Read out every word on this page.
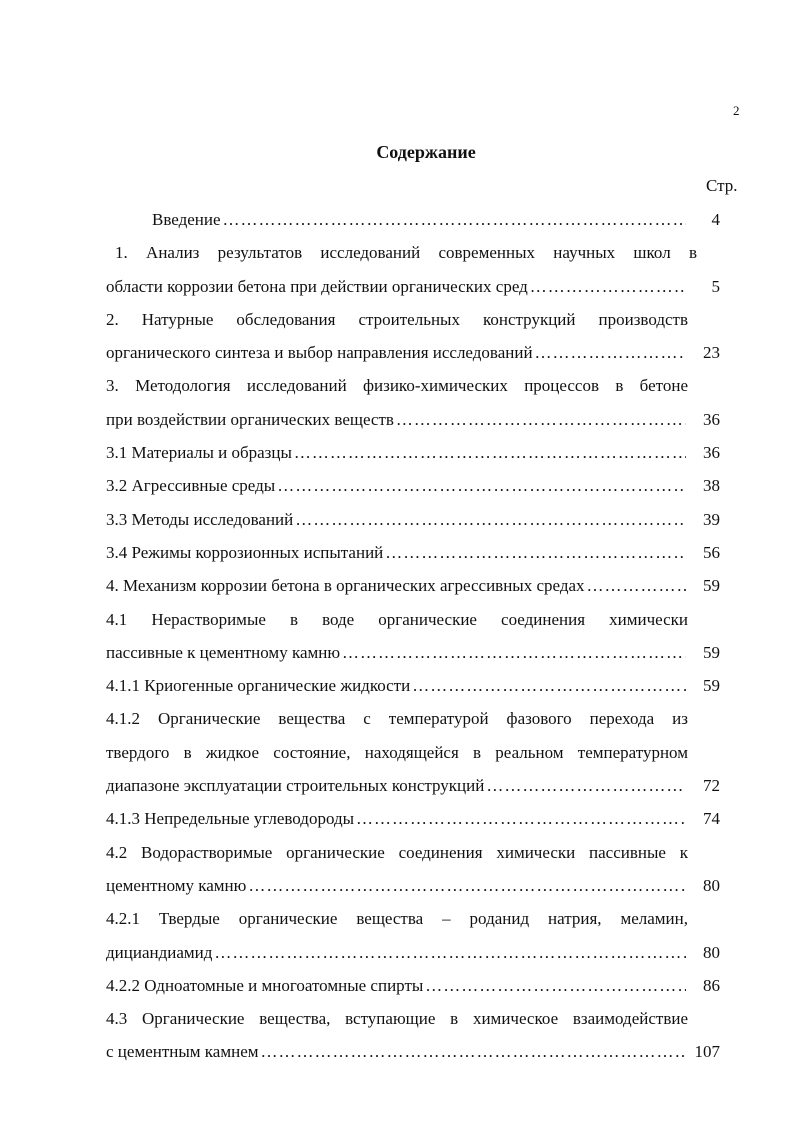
2
Содержание
Стр.
Введение ……………………………………………………………………………………………………………………………………	4
1. Анализ результатов исследований современных научных школ в
области коррозии бетона при действии органических сред ……………………………………………………………………………………………………………………………………	5
2. Натурные обследования строительных конструкций производств
органического синтеза и выбор направления исследований ……………………………………………………………………………………………………………………………………	23
3. Методология исследований физико-химических процессов в бетоне
при воздействии органических веществ ……………………………………………………………………………………………………………………………………	36
3.1 Материалы и образцы ……………………………………………………………………………………………………………………………………	36
3.2 Агрессивные среды ……………………………………………………………………………………………………………………………………	38
3.3 Методы исследований ……………………………………………………………………………………………………………………………………	39
3.4 Режимы коррозионных испытаний ……………………………………………………………………………………………………………………………………	56
4. Механизм коррозии бетона в органических агрессивных средах ……………………………………………………………………………………………………………………………………	59
4.1 Нерастворимые в воде органические соединения химически
пассивные к цементному камню ……………………………………………………………………………………………………………………………………	59
4.1.1 Криогенные органические жидкости ……………………………………………………………………………………………………………………………………	59
4.1.2 Органические вещества с температурой фазового перехода из
твердого в жидкое состояние, находящейся в реальном температурном
диапазоне эксплуатации строительных конструкций ……………………………………………………………………………………………………………………………………	72
4.1.3 Непредельные углеводороды ……………………………………………………………………………………………………………………………………	74
4.2 Водорастворимые органические соединения химически пассивные к
цементному камню ……………………………………………………………………………………………………………………………………	80
4.2.1 Твердые органические вещества – роданид натрия, меламин,
дициандиамид ……………………………………………………………………………………………………………………………………	80
4.2.2 Одноатомные и многоатомные спирты ……………………………………………………………………………………………………………………………………	86
4.3 Органические вещества, вступающие в химическое взаимодействие
с цементным камнем ……………………………………………………………………………………………………………………………………	107
